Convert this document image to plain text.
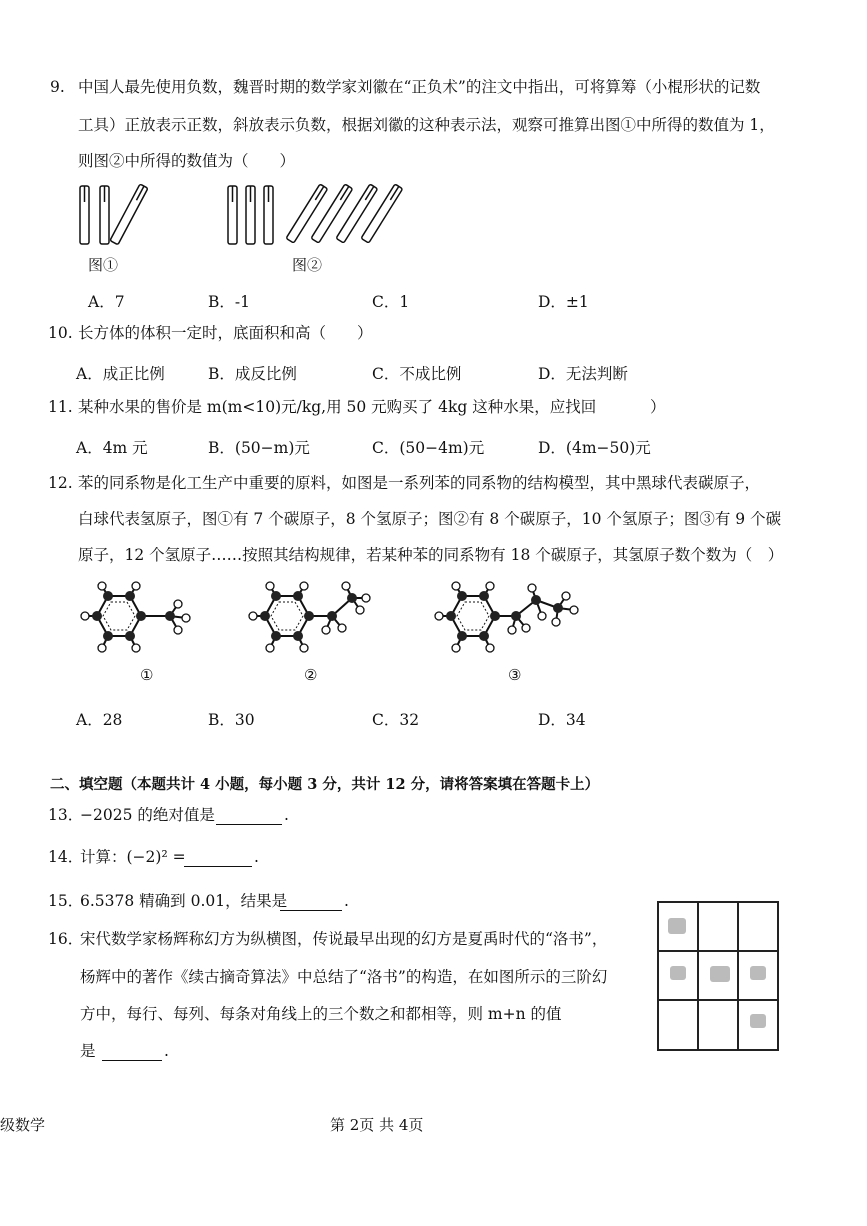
9. 中国人最先使用负数，魏晋时期的数学家刘徽在“正负术”的注文中指出，可将算筹（小棍形状的记数
工具）正放表示正数，斜放表示负数，根据刘徽的这种表示法，观察可推算出图①中所得的数值为 1，
则图②中所得的数值为（　　）
图①	图②
A．7	B．-1	C．1	D．±1
10. 长方体的体积一定时，底面积和高（　　）
A．成正比例	B．成反比例	C．不成比例	D．无法判断
11. 某种水果的售价是 m(m<10)元/kg,用 50 元购买了 4kg 这种水果，应找回	）
A．4m 元	B．(50−m)元	C．(50−4m)元	D．(4m−50)元
12. 苯的同系物是化工生产中重要的原料，如图是一系列苯的同系物的结构模型，其中黑球代表碳原子，
白球代表氢原子，图①有 7 个碳原子，8 个氢原子；图②有 8 个碳原子，10 个氢原子；图③有 9 个碳
原子，12 个氢原子……按照其结构规律，若某种苯的同系物有 18 个碳原子，其氢原子数个数为（　）
①	②	③
A．28	B．30	C．32	D．34
二、填空题（本题共计 4 小题，每小题 3 分，共计 12 分，请将答案填在答题卡上）
13．
−2025 的绝对值是	.
14．
计算：(−2)² =	.
15．
6.5378 精确到 0.01，结果是	.
16．
宋代数学家杨辉称幻方为纵横图，传说最早出现的幻方是夏禹时代的“洛书”，
杨辉中的著作《续古摘奇算法》中总结了“洛书”的构造，在如图所示的三阶幻
方中，每行、每列、每条对角线上的三个数之和都相等，则 m+n 的值
是	.
级数学	第 2页 共 4页
